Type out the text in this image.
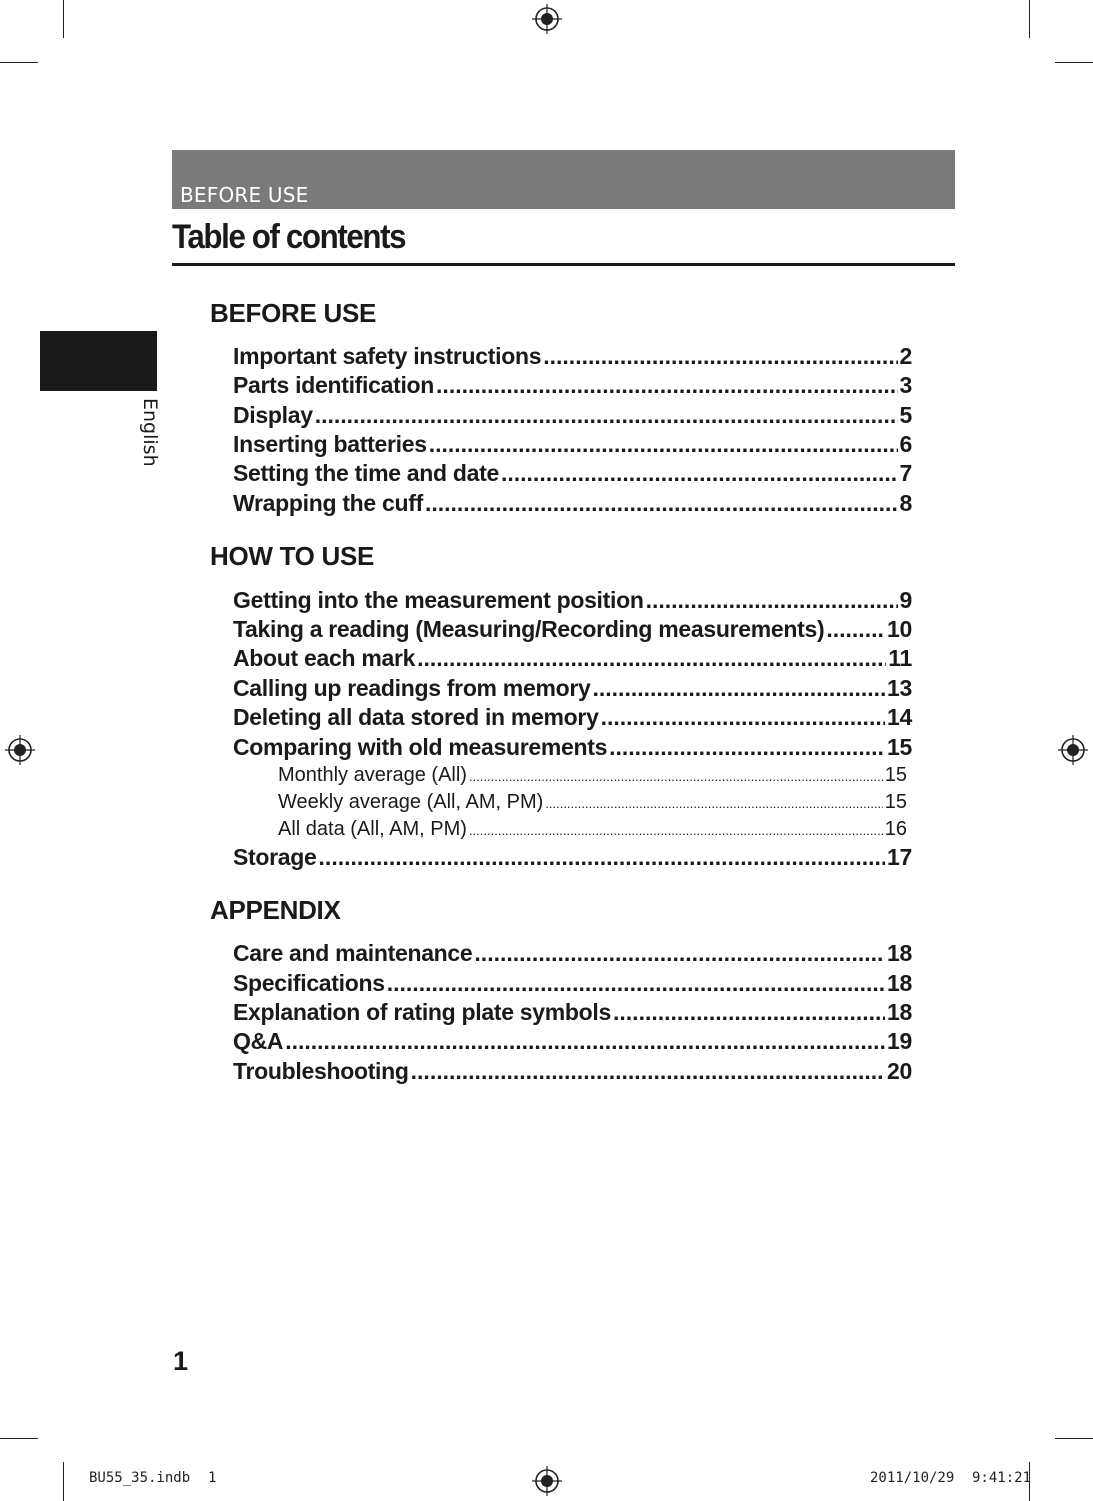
BEFORE USE
Table of contents
English
BEFORE USE
Important safety instructions .....	2
Parts identification .....	3
Display .....	5
Inserting batteries .....	6
Setting the time and date .....	7
Wrapping the cuff .....	8
HOW TO USE
Getting into the measurement position .....	9
Taking a reading (Measuring/Recording measurements) .....	10
About each mark .....	11
Calling up readings from memory .....	13
Deleting all data stored in memory .....	14
Comparing with old measurements .....	15
Monthly average (All) .....	15
Weekly average (All, AM, PM) .....	15
All data (All, AM, PM) .....	16
Storage .....	17
APPENDIX
Care and maintenance .....	18
Specifications .....	18
Explanation of rating plate symbols .....	18
Q&A .....	19
Troubleshooting .....	20

1

BU55_35.indb 1	2011/10/29 9:41:21
